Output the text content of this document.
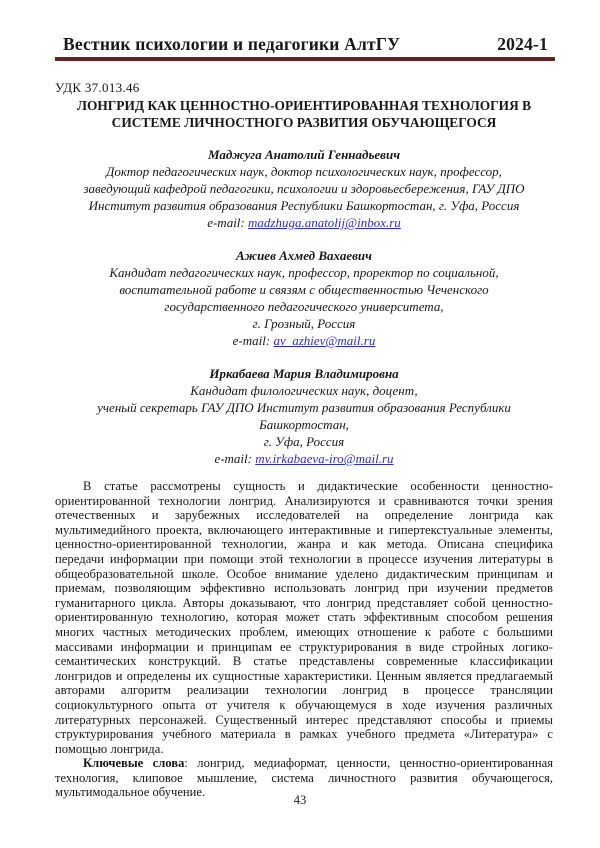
Вестник психологии и педагогики АлтГУ	2024-1
УДК 37.013.46
ЛОНГРИД КАК ЦЕННОСТНО-ОРИЕНТИРОВАННАЯ ТЕХНОЛОГИЯ В
СИСТЕМЕ ЛИЧНОСТНОГО РАЗВИТИЯ ОБУЧАЮЩЕГОСЯ
Маджуга Анатолий Геннадьевич
Доктор педагогических наук, доктор психологических наук, профессор,
заведующий кафедрой педагогики, психологии и здоровьесбережения, ГАУ ДПО
Институт развития образования Республики Башкортостан, г. Уфа, Россия
e-mail: madzhuga.anatolij@inbox.ru
Ажиев Ахмед Вахаевич
Кандидат педагогических наук, профессор, проректор по социальной,
воспитательной работе и связям с общественностью Чеченского
государственного педагогического университета,
г. Грозный, Россия
e-mail: av_azhiev@mail.ru
Иркабаева Мария Владимировна
Кандидат филологических наук, доцент,
ученый секретарь ГАУ ДПО Институт развития образования Республики
Башкортостан,
г. Уфа, Россия
e-mail: mv.irkabaeva-iro@mail.ru

В статье рассмотрены сущность и дидактические особенности ценностно-ориентированной технологии лонгрид. Анализируются и сравниваются точки зрения отечественных и зарубежных исследователей на определение лонгрида как мультимедийного проекта, включающего интерактивные и гипертекстуальные элементы, ценностно-ориентированной технологии, жанра и как метода. Описана специфика передачи информации при помощи этой технологии в процессе изучения литературы в общеобразовательной школе. Особое внимание уделено дидактическим принципам и приемам, позволяющим эффективно использовать лонгрид при изучении предметов гуманитарного цикла. Авторы доказывают, что лонгрид представляет собой ценностно-ориентированную технологию, которая может стать эффективным способом решения многих частных методических проблем, имеющих отношение к работе с большими массивами информации и принципам ее структурирования в виде стройных логико-семантических конструкций. В статье представлены современные классификации лонгридов и определены их сущностные характеристики. Ценным является предлагаемый авторами алгоритм реализации технологии лонгрид в процессе трансляции социокультурного опыта от учителя к обучающемуся в ходе изучения различных литературных персонажей. Существенный интерес представляют способы и приемы структурирования учебного материала в рамках учебного предмета «Литература» с помощью лонгрида.

Ключевые слова: лонгрид, медиаформат, ценности, ценностно-ориентированная технология, клиповое мышление, система личностного развития обучающегося, мультимодальное обучение.

43
